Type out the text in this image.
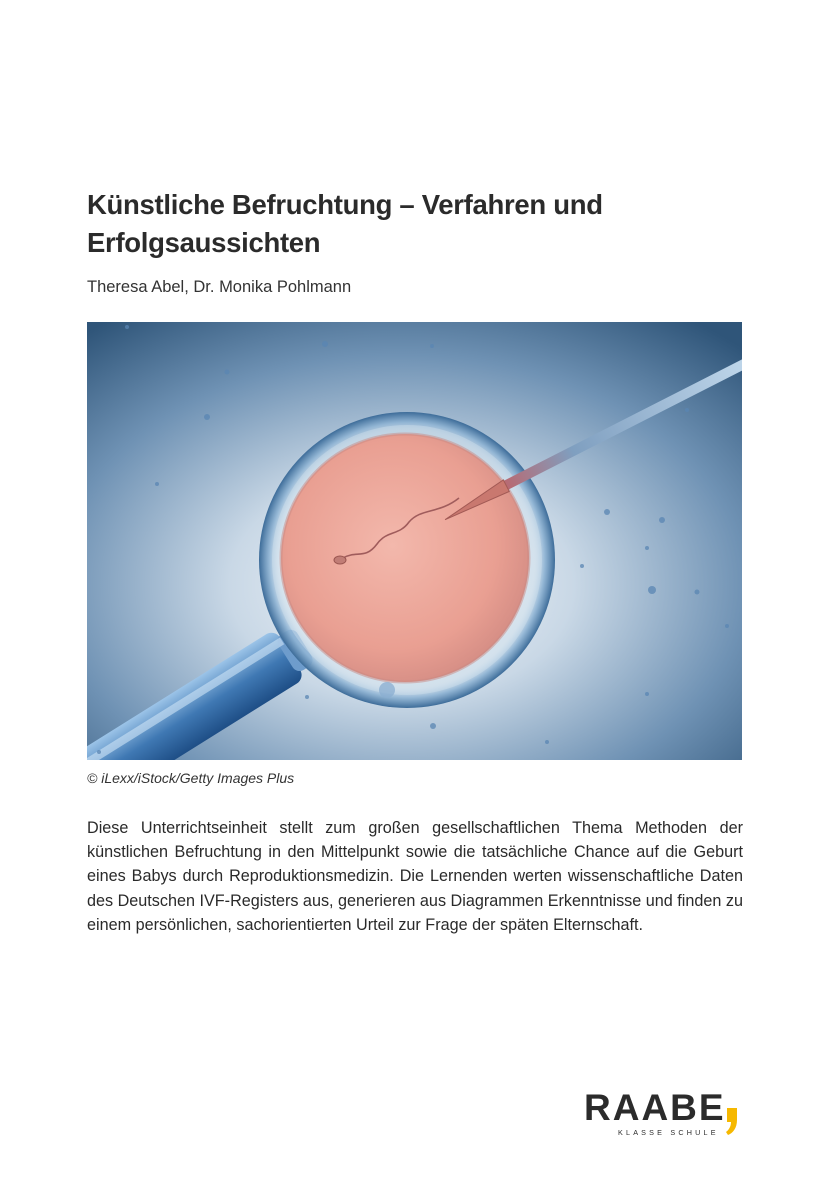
Künstliche Befruchtung – Verfahren und
Erfolgsaussichten
Theresa Abel, Dr. Monika Pohlmann
© iLexx/iStock/Getty Images Plus

Diese Unterrichtseinheit stellt zum großen gesellschaftlichen Thema Methoden der künstlichen Befruchtung in den Mittelpunkt sowie die tatsächliche Chance auf die Geburt eines Babys durch Reproduktionsmedizin. Die Lernenden werten wissenschaftliche Daten des Deutschen IVF-Registers aus, generieren aus Diagrammen Erkenntnisse und finden zu einem persönlichen, sachorientierten Urteil zur Frage der späten Elternschaft.

RAABE
KLASSE SCHULE
